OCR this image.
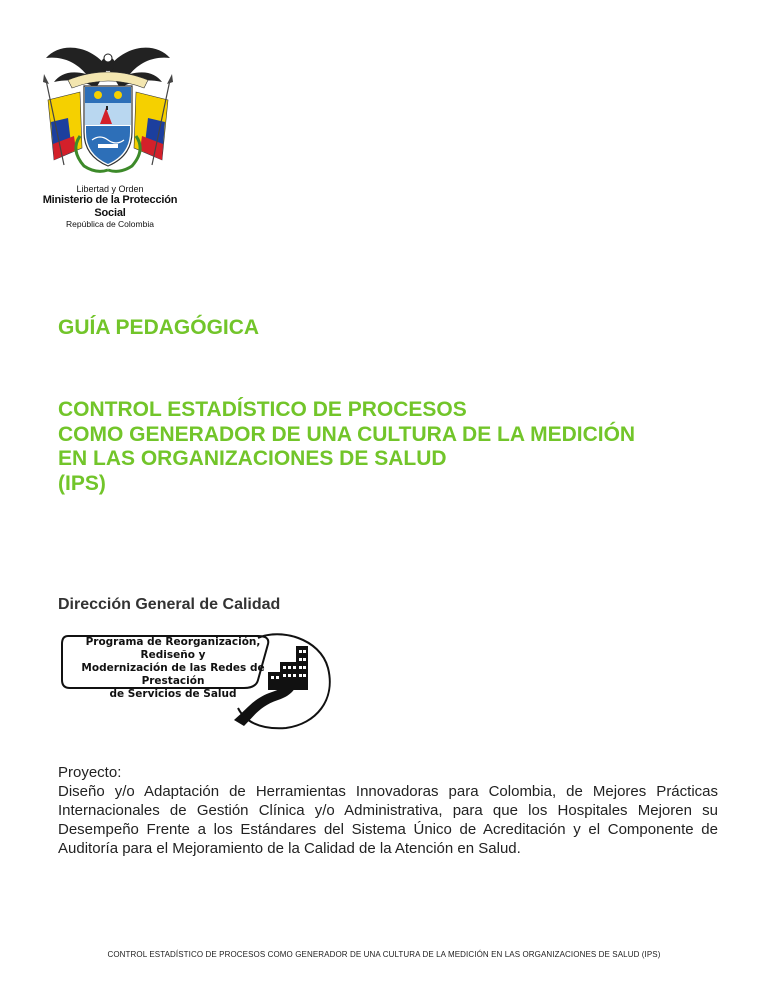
Libertad y Orden
Ministerio de la Protección Social
República de Colombia
GUÍA PEDAGÓGICA
CONTROL ESTADÍSTICO DE PROCESOS
COMO GENERADOR DE UNA CULTURA DE LA MEDICIÓN
EN LAS ORGANIZACIONES DE SALUD
(IPS)
Dirección General de Calidad
Programa de Reorganización, Rediseño y
Modernización de las Redes de Prestación
de Servicios de Salud
Proyecto:
Diseño y/o Adaptación de Herramientas Innovadoras para Colombia, de Mejores Prácticas Internacionales de Gestión Clínica y/o Administrativa, para que los Hospitales Mejoren su Desempeño Frente a los Estándares del Sistema Único de Acreditación y el Componente de Auditoría para el Mejoramiento de la Calidad de la Atención en Salud.
CONTROL ESTADÍSTICO DE PROCESOS COMO GENERADOR DE UNA CULTURA DE LA MEDICIÓN EN LAS ORGANIZACIONES DE SALUD (IPS)
